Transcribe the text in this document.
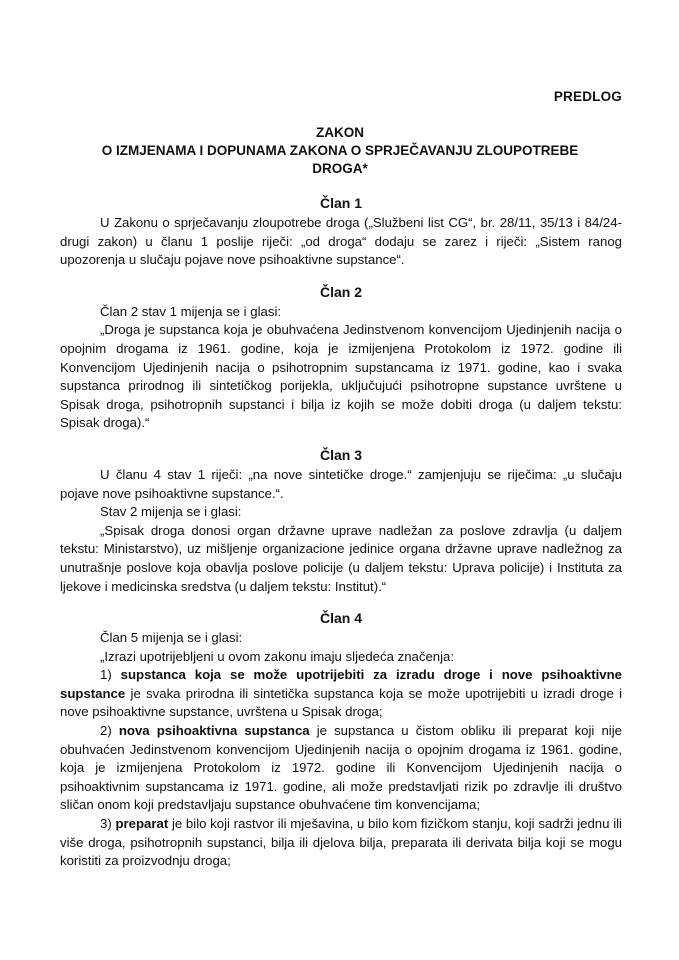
PREDLOG
ZAKON
O IZMJENAMA I DOPUNAMA ZAKONA O SPRJEČAVANJU ZLOUPOTREBE
DROGA*
Član 1

U Zakonu o sprječavanju zloupotrebe droga („Službeni list CG“, br. 28/11, 35/13 i 84/24- drugi zakon) u članu 1 poslije riječi: „od droga“ dodaju se zarez i riječi: „Sistem ranog upozorenja u slučaju pojave nove psihoaktivne supstance“.

Član 2

Član 2 stav 1 mijenja se i glasi:

„Droga je supstanca koja je obuhvaćena Jedinstvenom konvencijom Ujedinjenih nacija o opojnim drogama iz 1961. godine, koja je izmijenjena Protokolom iz 1972. godine ili Konvencijom Ujedinjenih nacija o psihotropnim supstancama iz 1971. godine, kao i svaka supstanca prirodnog ili sintetičkog porijekla, uključujući psihotropne supstance uvrštene u Spisak droga, psihotropnih supstanci i bilja iz kojih se može dobiti droga (u daljem tekstu: Spisak droga).“

Član 3

U članu 4 stav 1 riječi: „na nove sintetičke droge.“ zamjenjuju se riječima: „u slučaju pojave nove psihoaktivne supstance.“.

Stav 2 mijenja se i glasi:

„Spisak droga donosi organ državne uprave nadležan za poslove zdravlja (u daljem tekstu: Ministarstvo), uz mišljenje organizacione jedinice organa državne uprave nadležnog za unutrašnje poslove koja obavlja poslove policije (u daljem tekstu: Uprava policije) i Instituta za ljekove i medicinska sredstva (u daljem tekstu: Institut).“

Član 4

Član 5 mijenja se i glasi:

„Izrazi upotrijebljeni u ovom zakonu imaju sljedeća značenja:

1) supstanca koja se može upotrijebiti za izradu droge i nove psihoaktivne supstance je svaka prirodna ili sintetička supstanca koja se može upotrijebiti u izradi droge i nove psihoaktivne supstance, uvrštena u Spisak droga;

2) nova psihoaktivna supstanca je supstanca u čistom obliku ili preparat koji nije obuhvaćen Jedinstvenom konvencijom Ujedinjenih nacija o opojnim drogama iz 1961. godine, koja je izmijenjena Protokolom iz 1972. godine ili Konvencijom Ujedinjenih nacija o psihoaktivnim supstancama iz 1971. godine, ali može predstavljati rizik po zdravlje ili društvo sličan onom koji predstavljaju supstance obuhvaćene tim konvencijama;

3) preparat je bilo koji rastvor ili mješavina, u bilo kom fizičkom stanju, koji sadrži jednu ili više droga, psihotropnih supstanci, bilja ili djelova bilja, preparata ili derivata bilja koji se mogu koristiti za proizvodnju droga;
